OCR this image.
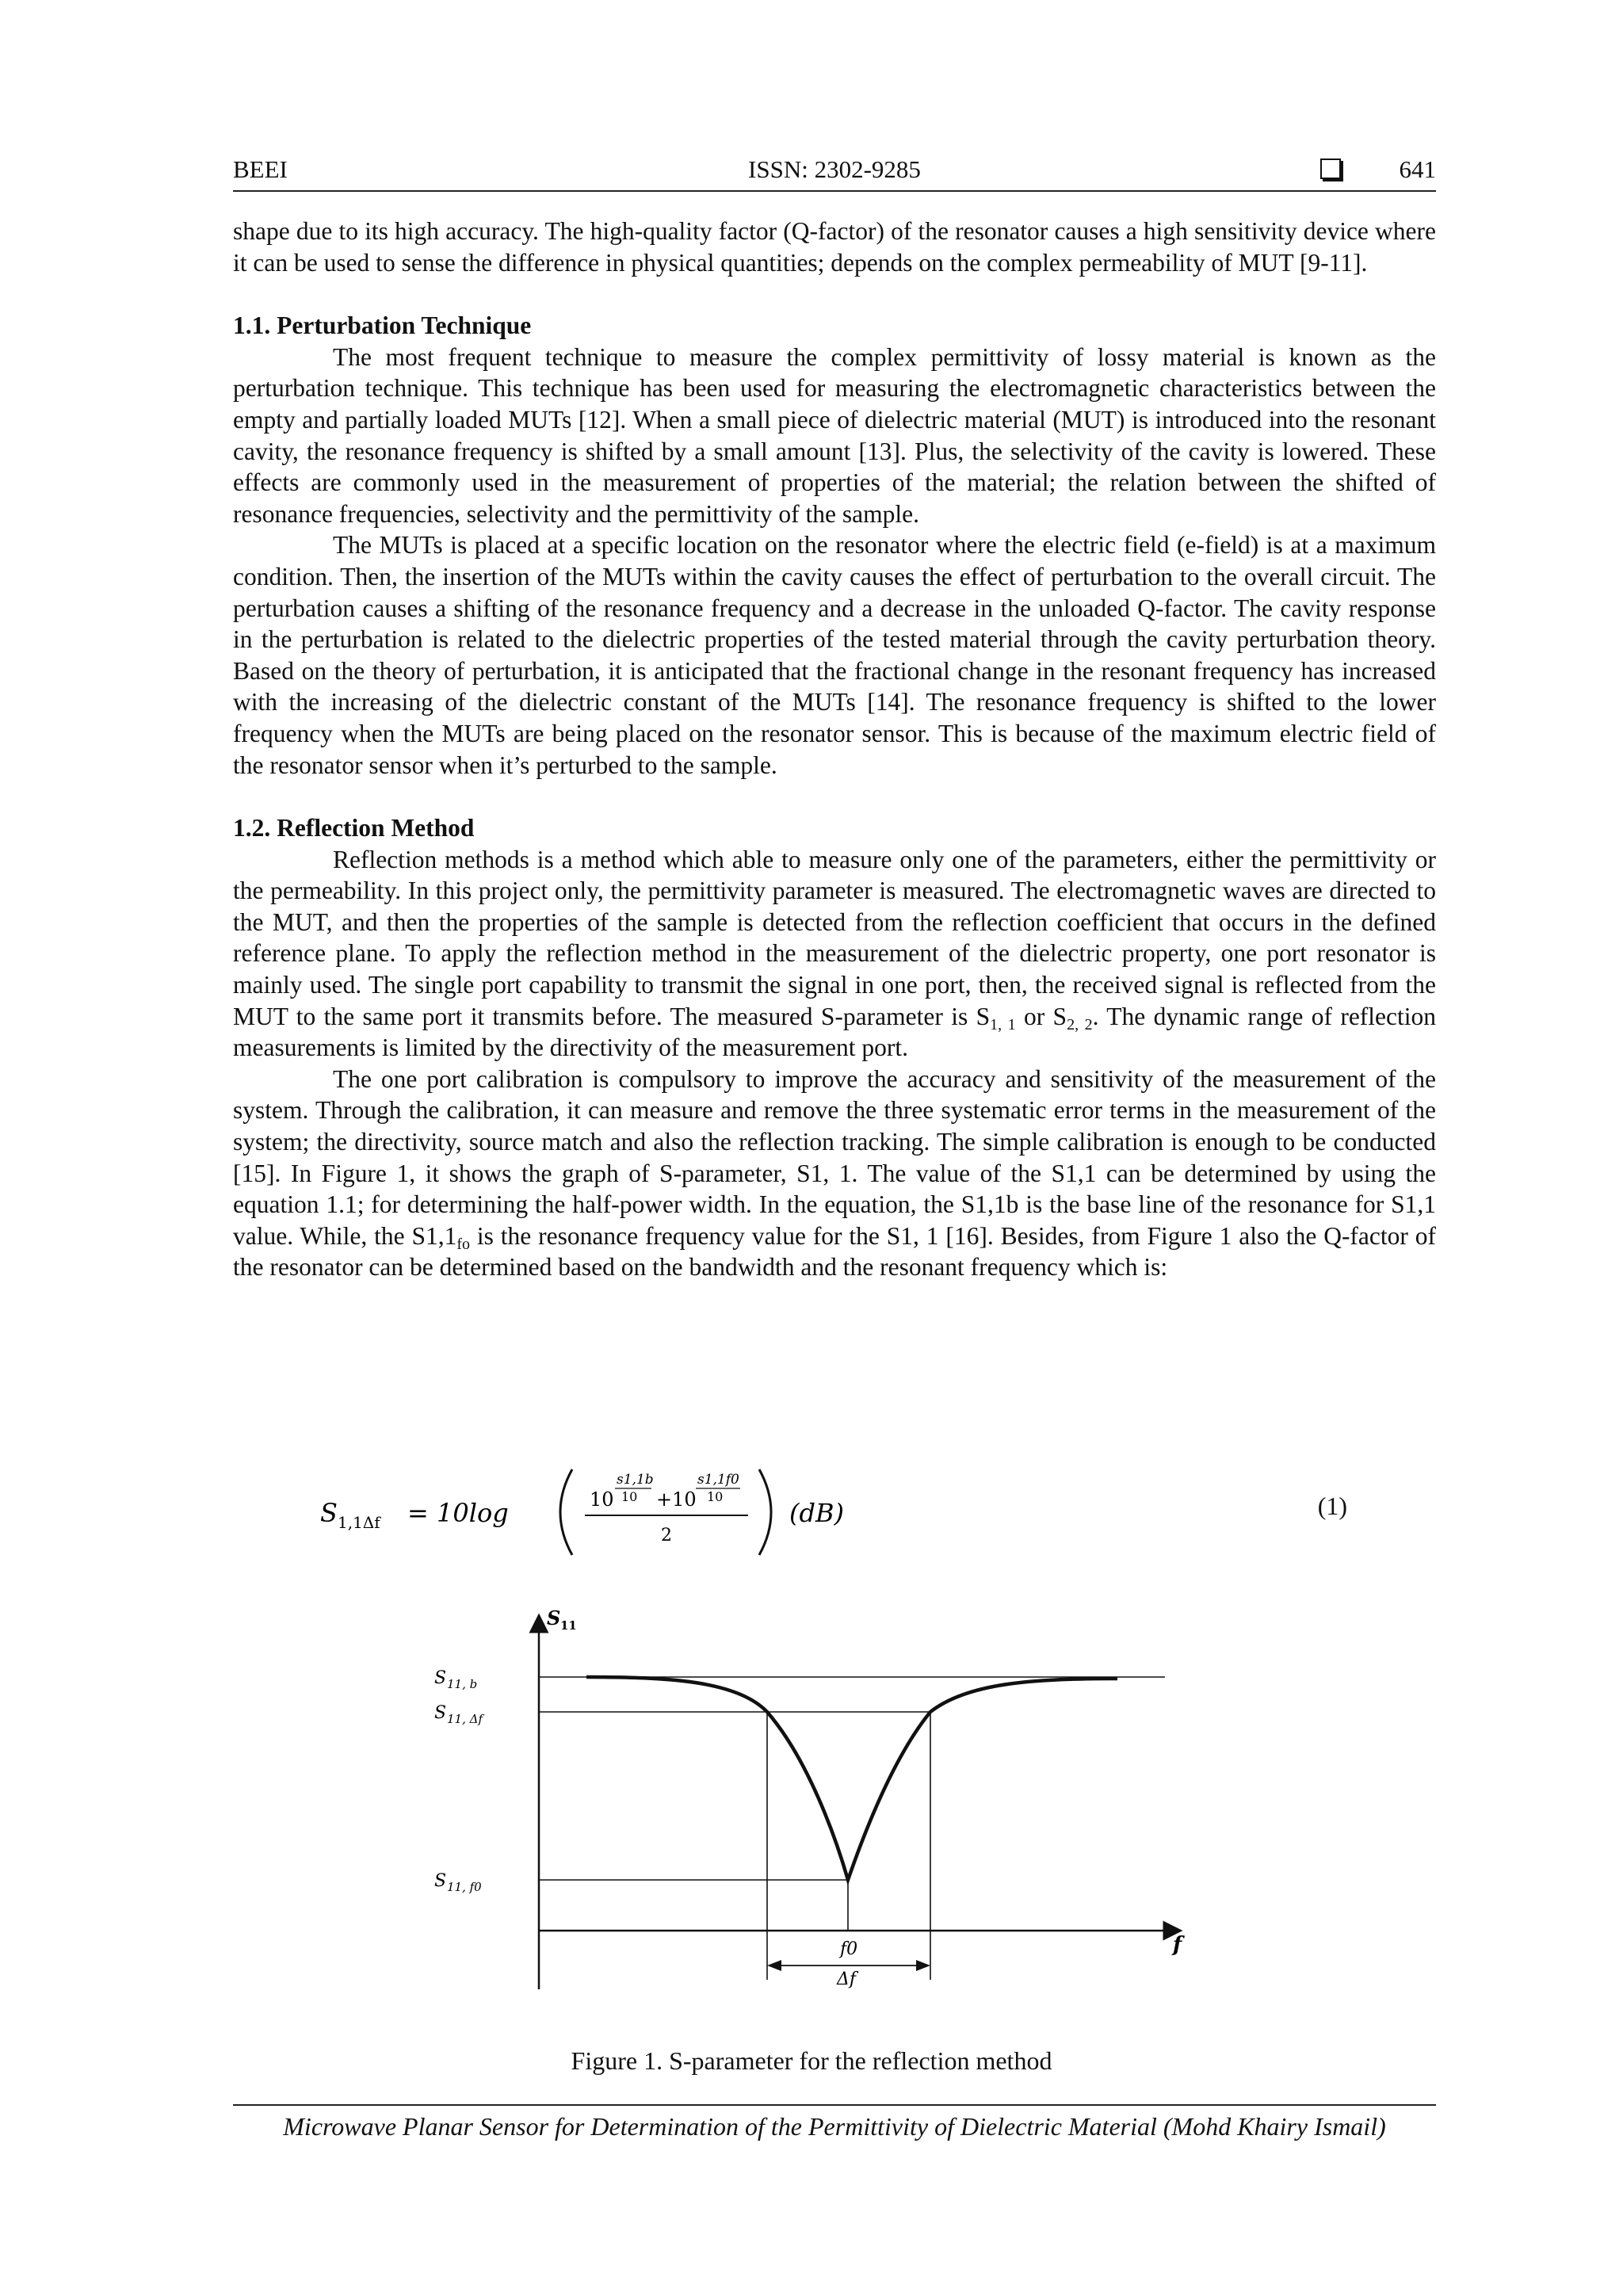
BEEI	ISSN: 2302-9285	641

shape due to its high accuracy. The high-quality factor (Q-factor) of the resonator causes a high sensitivity device where it can be used to sense the difference in physical quantities; depends on the complex permeability of MUT [9-11].

1.1. Perturbation Technique

The most frequent technique to measure the complex permittivity of lossy material is known as the perturbation technique. This technique has been used for measuring the electromagnetic characteristics between the empty and partially loaded MUTs [12]. When a small piece of dielectric material (MUT) is introduced into the resonant cavity, the resonance frequency is shifted by a small amount [13]. Plus, the selectivity of the cavity is lowered. These effects are commonly used in the measurement of properties of the material; the relation between the shifted of resonance frequencies, selectivity and the permittivity of the sample.

The MUTs is placed at a specific location on the resonator where the electric field (e-field) is at a maximum condition. Then, the insertion of the MUTs within the cavity causes the effect of perturbation to the overall circuit. The perturbation causes a shifting of the resonance frequency and a decrease in the unloaded Q-factor. The cavity response in the perturbation is related to the dielectric properties of the tested material through the cavity perturbation theory. Based on the theory of perturbation, it is anticipated that the fractional change in the resonant frequency has increased with the increasing of the dielectric constant of the MUTs [14]. The resonance frequency is shifted to the lower frequency when the MUTs are being placed on the resonator sensor. This is because of the maximum electric field of the resonator sensor when it’s perturbed to the sample.

1.2. Reflection Method

Reflection methods is a method which able to measure only one of the parameters, either the permittivity or the permeability. In this project only, the permittivity parameter is measured. The electromagnetic waves are directed to the MUT, and then the properties of the sample is detected from the reflection coefficient that occurs in the defined reference plane. To apply the reflection method in the measurement of the dielectric property, one port resonator is mainly used. The single port capability to transmit the signal in one port, then, the received signal is reflected from the MUT to the same port it transmits before. The measured S-parameter is $S_{1, 1}$ or $S_{2, 2}$. The dynamic range of reflection measurements is limited by the directivity of the measurement port.

The one port calibration is compulsory to improve the accuracy and sensitivity of the measurement of the system. Through the calibration, it can measure and remove the three systematic error terms in the measurement of the system; the directivity, source match and also the reflection tracking. The simple calibration is enough to be conducted [15]. In Figure 1, it shows the graph of S-parameter, S1, 1. The value of the S1,1 can be determined by using the equation 1.1; for determining the half-power width. In the equation, the S1,1b is the base line of the resonance for S1,1 value. While, the $S1,1_{fo}$ is the resonance frequency value for the S1, 1 [16]. Besides, from Figure 1 also the Q-factor of the resonator can be determined based on the bandwidth and the resonant frequency which is:

S 1,1Δf = 10log	10
s1,1b
10 +10
s1,1f0
10
2
(dB)	(1)
S 11
S 11, b
S 11, Δf
S 11, f0
f0
Δf
f
Figure 1. S-parameter for the reflection method
Microwave Planar Sensor for Determination of the Permittivity of Dielectric Material (Mohd Khairy Ismail)
